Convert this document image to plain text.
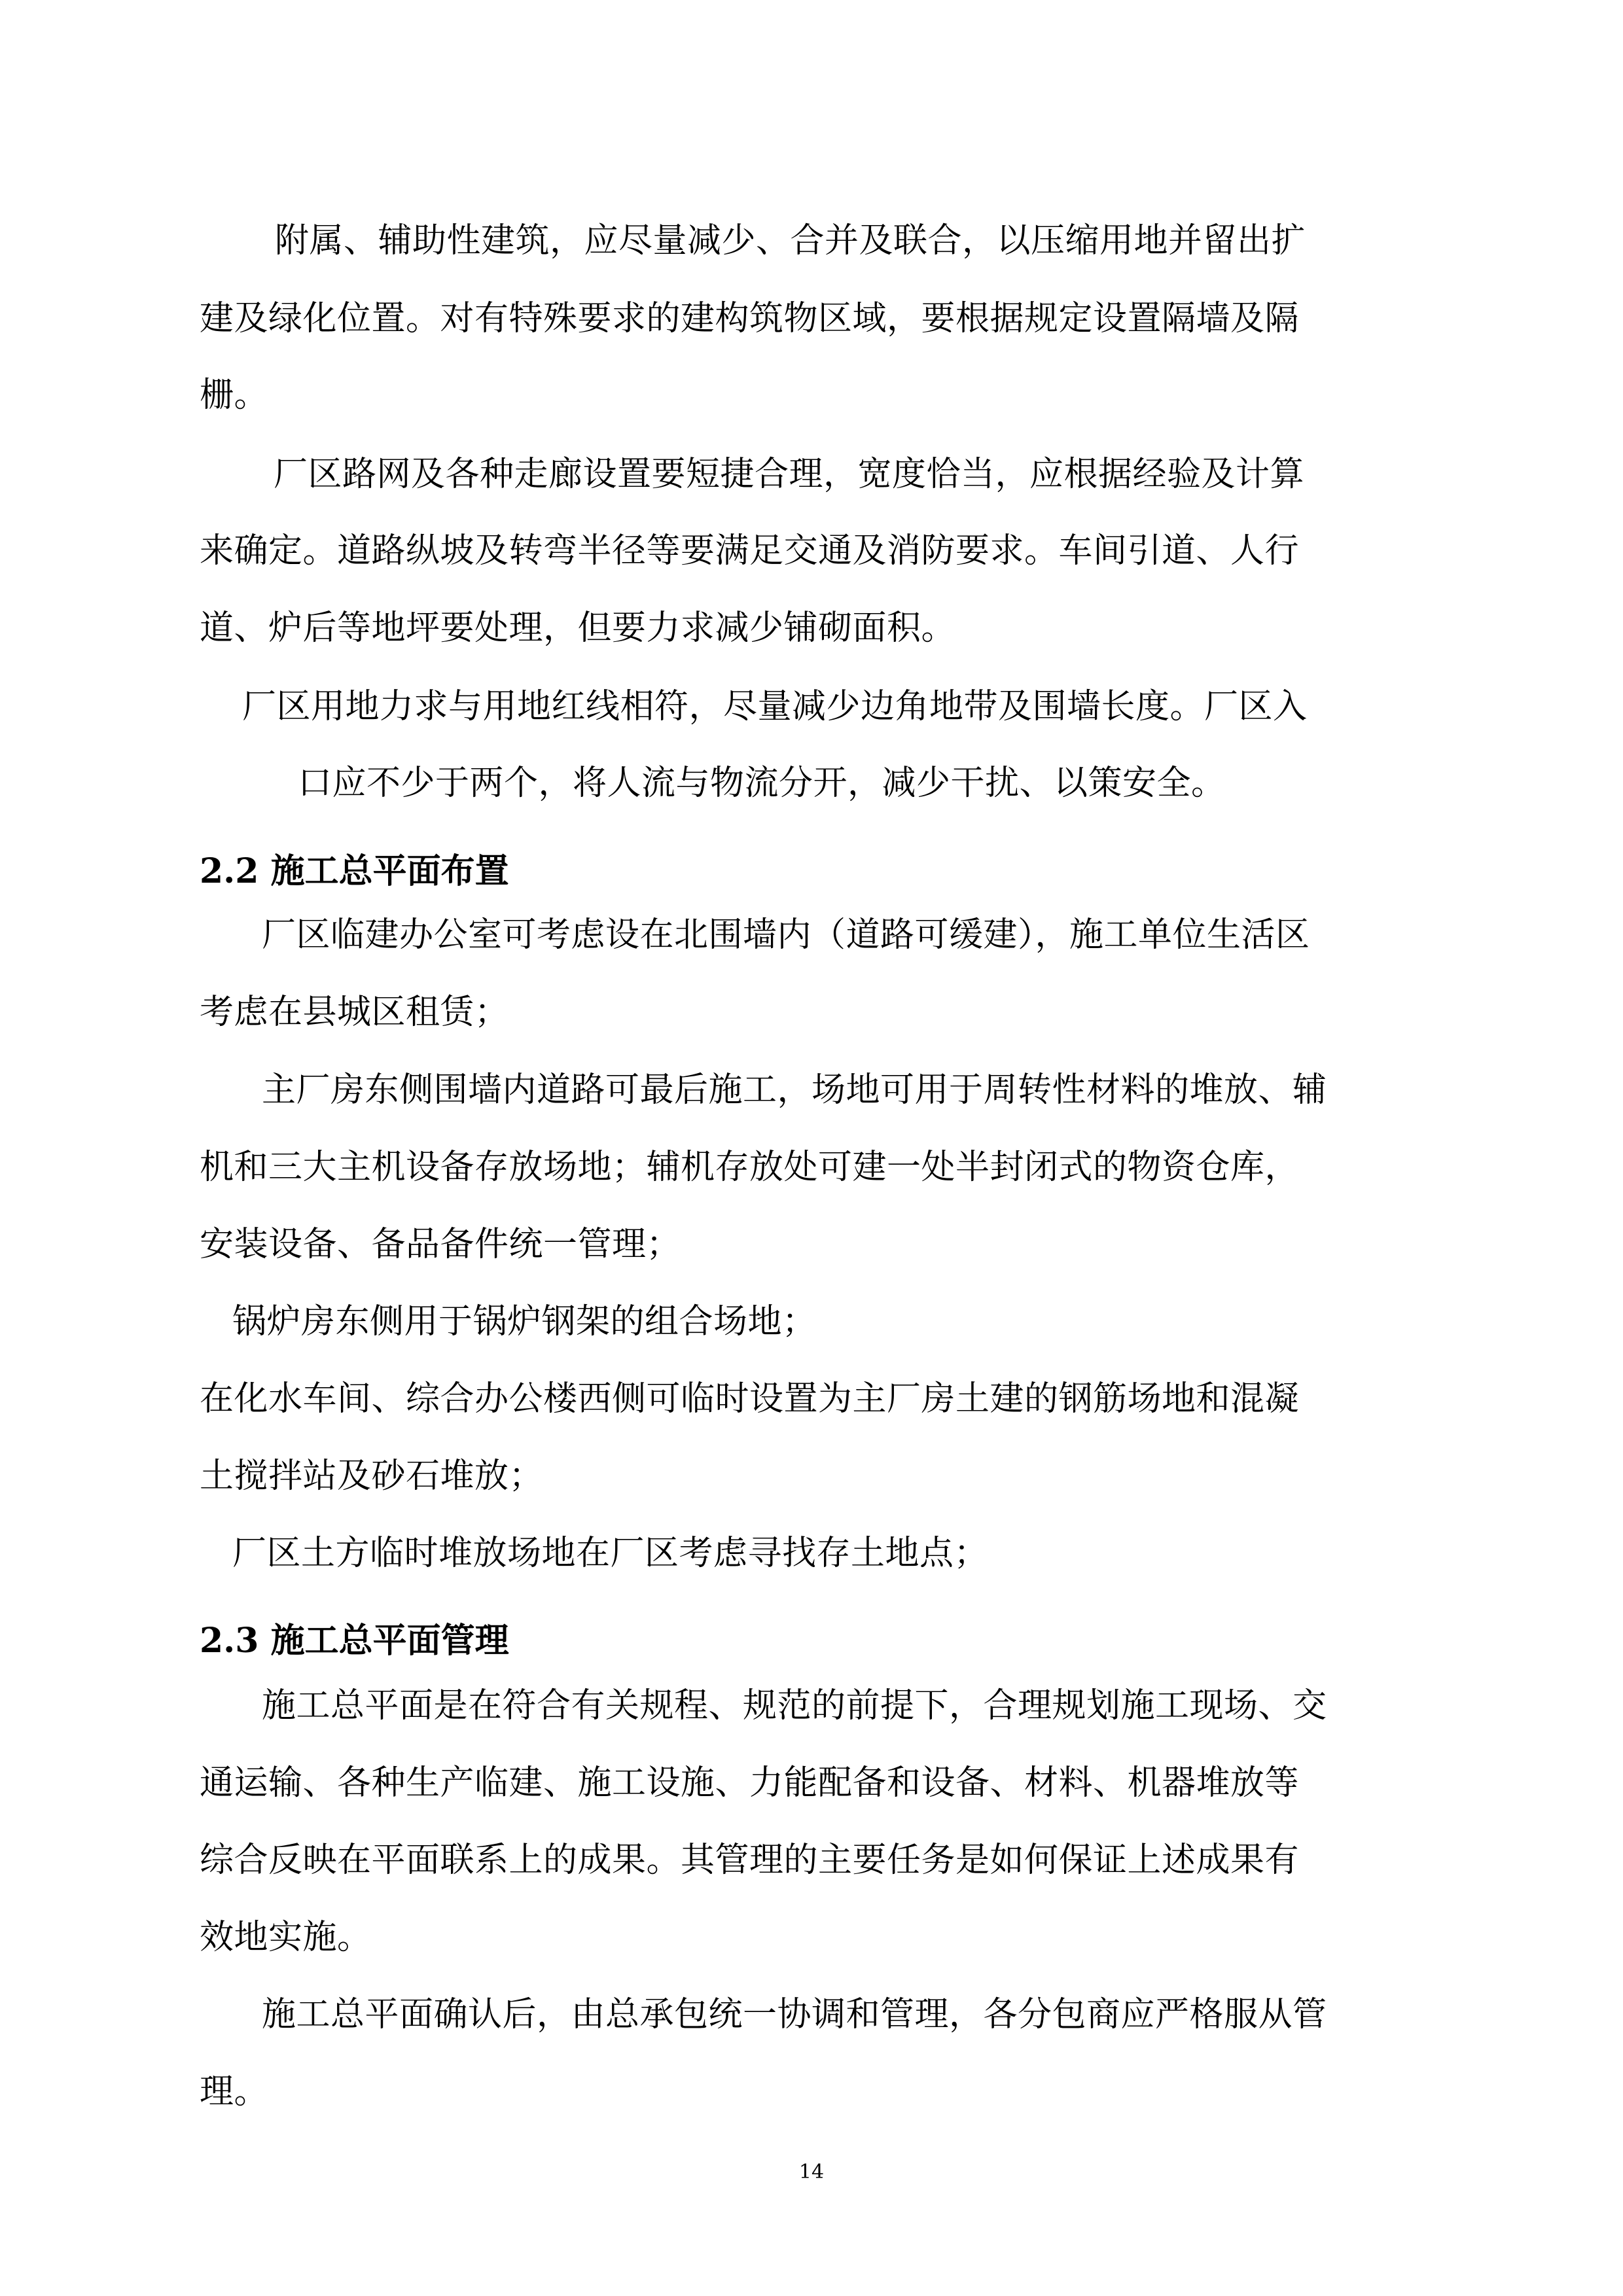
附属、辅助性建筑，应尽量减少、合并及联合，以压缩用地并留出扩
建及绿化位置。对有特殊要求的建构筑物区域，要根据规定设置隔墙及隔
栅。
厂区路网及各种走廊设置要短捷合理，宽度恰当，应根据经验及计算
来确定。道路纵坡及转弯半径等要满足交通及消防要求。车间引道、人行
道、炉后等地坪要处理，但要力求减少铺砌面积。
厂区用地力求与用地红线相符，尽量减少边角地带及围墙长度。厂区入
口应不少于两个，将人流与物流分开，减少干扰、以策安全。
2.2 施工总平面布置
厂区临建办公室可考虑设在北围墙内（道路可缓建），施工单位生活区
考虑在县城区租赁；
主厂房东侧围墙内道路可最后施工，场地可用于周转性材料的堆放、辅
机和三大主机设备存放场地；辅机存放处可建一处半封闭式的物资仓库，
安装设备、备品备件统一管理；
锅炉房东侧用于锅炉钢架的组合场地；
在化水车间、综合办公楼西侧可临时设置为主厂房土建的钢筋场地和混凝
土搅拌站及砂石堆放；
厂区土方临时堆放场地在厂区考虑寻找存土地点；
2.3 施工总平面管理
施工总平面是在符合有关规程、规范的前提下，合理规划施工现场、交
通运输、各种生产临建、施工设施、力能配备和设备、材料、机器堆放等
综合反映在平面联系上的成果。其管理的主要任务是如何保证上述成果有
效地实施。
施工总平面确认后，由总承包统一协调和管理，各分包商应严格服从管
理。
14
